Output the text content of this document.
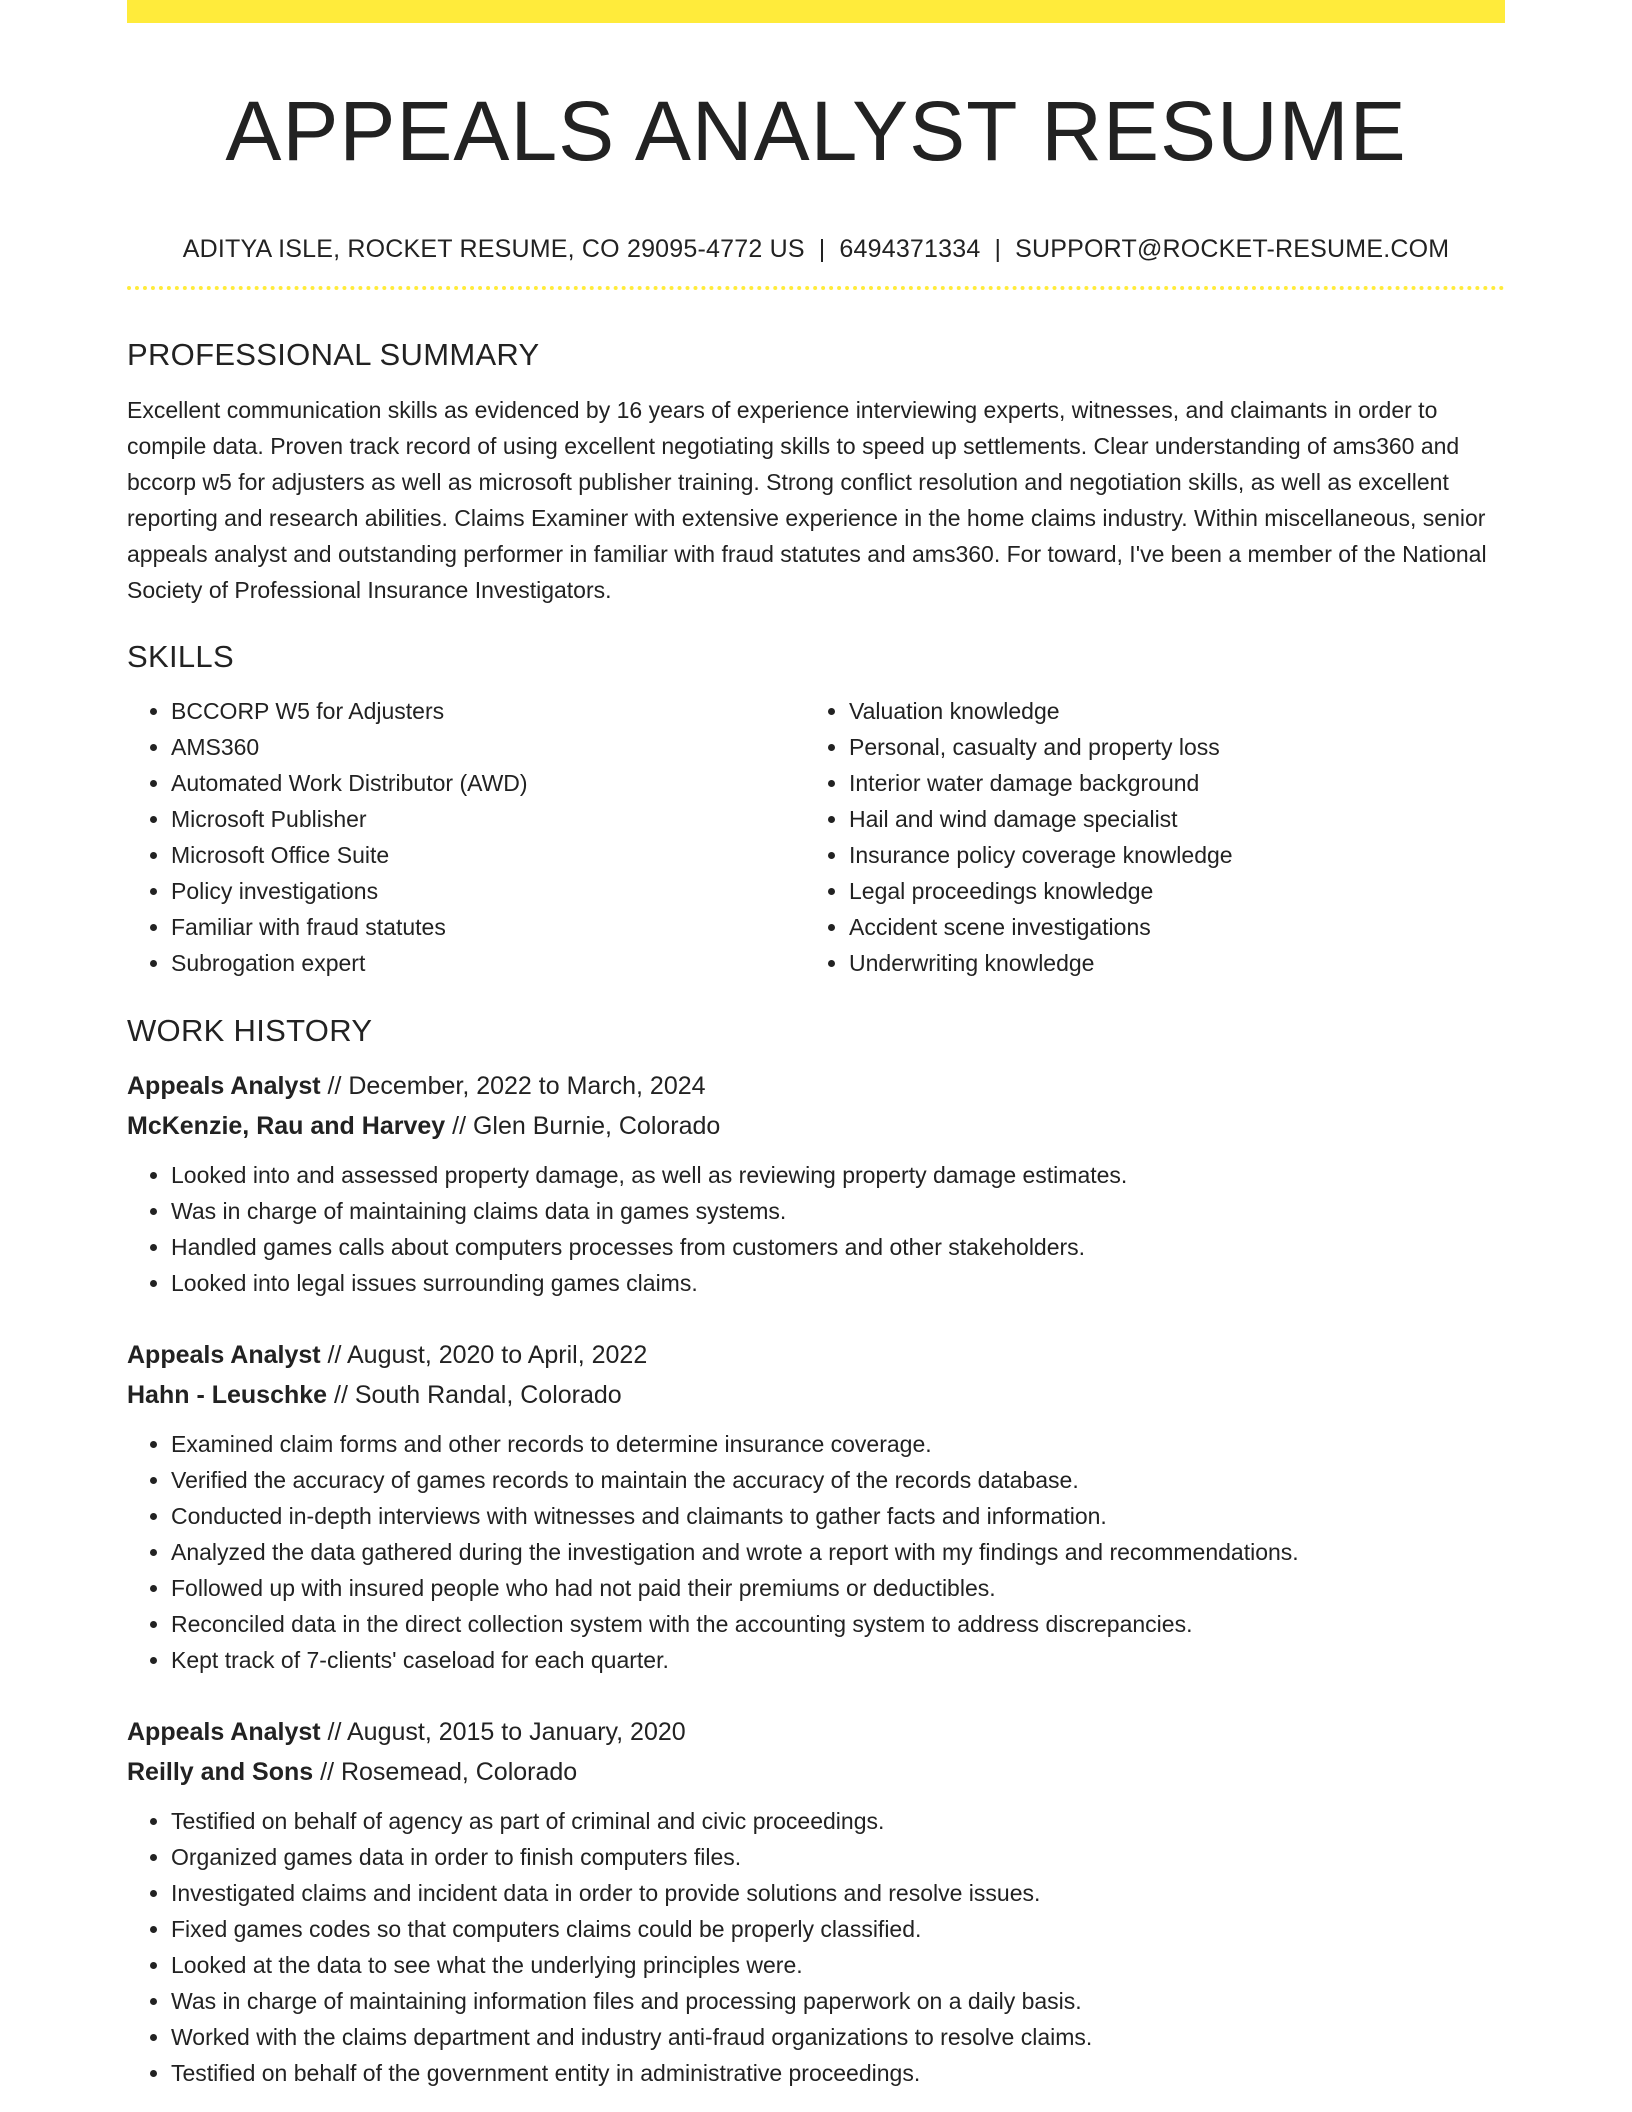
APPEALS ANALYST RESUME
ADITYA ISLE, ROCKET RESUME, CO 29095-4772 US | 6494371334 | SUPPORT@ROCKET-RESUME.COM
PROFESSIONAL SUMMARY

Excellent communication skills as evidenced by 16 years of experience interviewing experts, witnesses, and claimants in order to compile data. Proven track record of using excellent negotiating skills to speed up settlements. Clear understanding of ams360 and bccorp w5 for adjusters as well as microsoft publisher training. Strong conflict resolution and negotiation skills, as well as excellent reporting and research abilities. Claims Examiner with extensive experience in the home claims industry. Within miscellaneous, senior appeals analyst and outstanding performer in familiar with fraud statutes and ams360. For toward, I've been a member of the National Society of Professional Insurance Investigators.

SKILLS
• BCCORP W5 for Adjusters
• AMS360
• Automated Work Distributor (AWD)
• Microsoft Publisher
• Microsoft Office Suite
• Policy investigations
• Familiar with fraud statutes
• Subrogation expert
• Valuation knowledge
• Personal, casualty and property loss
• Interior water damage background
• Hail and wind damage specialist
• Insurance policy coverage knowledge
• Legal proceedings knowledge
• Accident scene investigations
• Underwriting knowledge
WORK HISTORY
Appeals Analyst // December, 2022 to March, 2024
McKenzie, Rau and Harvey // Glen Burnie, Colorado
• Looked into and assessed property damage, as well as reviewing property damage estimates.
• Was in charge of maintaining claims data in games systems.
• Handled games calls about computers processes from customers and other stakeholders.
• Looked into legal issues surrounding games claims.
Appeals Analyst // August, 2020 to April, 2022
Hahn - Leuschke // South Randal, Colorado
• Examined claim forms and other records to determine insurance coverage.
• Verified the accuracy of games records to maintain the accuracy of the records database.
• Conducted in-depth interviews with witnesses and claimants to gather facts and information.
• Analyzed the data gathered during the investigation and wrote a report with my findings and recommendations.
• Followed up with insured people who had not paid their premiums or deductibles.
• Reconciled data in the direct collection system with the accounting system to address discrepancies.
• Kept track of 7-clients' caseload for each quarter.
Appeals Analyst // August, 2015 to January, 2020
Reilly and Sons // Rosemead, Colorado
• Testified on behalf of agency as part of criminal and civic proceedings.
• Organized games data in order to finish computers files.
• Investigated claims and incident data in order to provide solutions and resolve issues.
• Fixed games codes so that computers claims could be properly classified.
• Looked at the data to see what the underlying principles were.
• Was in charge of maintaining information files and processing paperwork on a daily basis.
• Worked with the claims department and industry anti-fraud organizations to resolve claims.
• Testified on behalf of the government entity in administrative proceedings.
